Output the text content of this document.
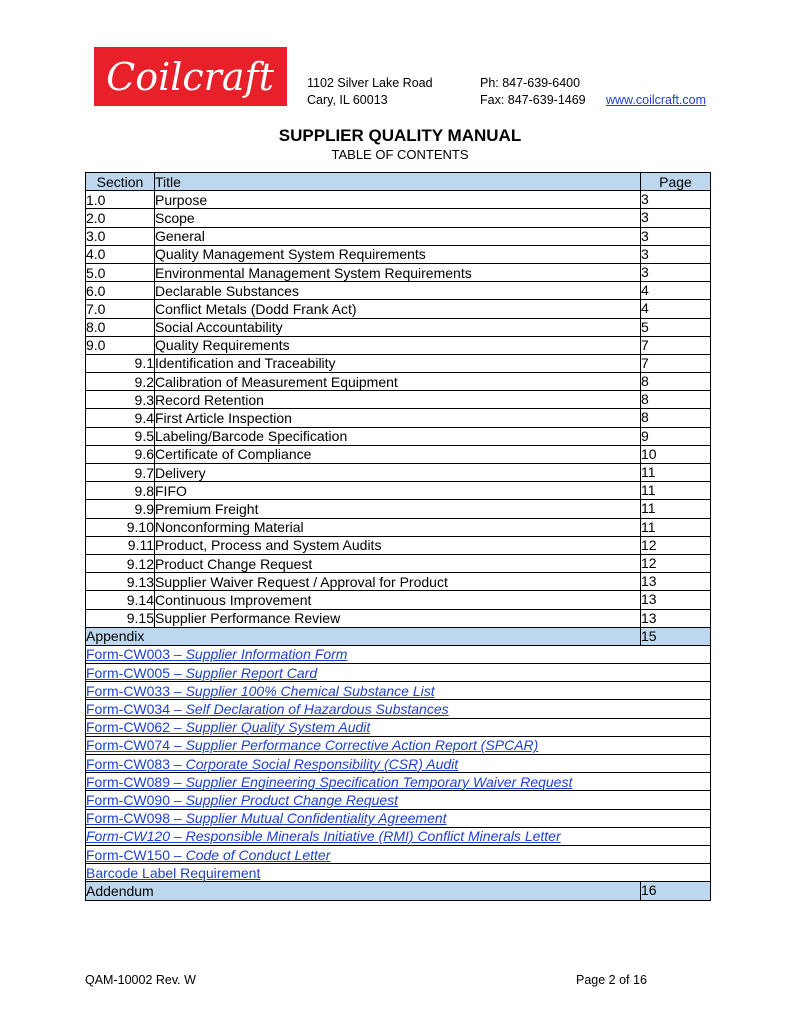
Coilcraft	1102 Silver Lake Road
Cary, IL 60013
Ph: 847-639-6400
Fax: 847-639-1469 www.coilcraft.com
SUPPLIER QUALITY MANUAL
TABLE OF CONTENTS
Section	Title	Page
1.0	Purpose	3
2.0	Scope	3
3.0	General	3
4.0	Quality Management System Requirements	3
5.0	Environmental Management System Requirements	3
6.0	Declarable Substances	4
7.0	Conflict Metals (Dodd Frank Act)	4
8.0	Social Accountability	5
9.0	Quality Requirements	7
9.1	Identification and Traceability	7
9.2	Calibration of Measurement Equipment	8
9.3	Record Retention	8
9.4	First Article Inspection	8
9.5	Labeling/Barcode Specification	9
9.6	Certificate of Compliance	10
9.7	Delivery	11
9.8	FIFO	11
9.9	Premium Freight	11
9.10	Nonconforming Material	11
9.11	Product, Process and System Audits	12
9.12	Product Change Request	12
9.13	Supplier Waiver Request / Approval for Product	13
9.14	Continuous Improvement	13
9.15	Supplier Performance Review	13
Appendix		15
Form-CW003 – Supplier Information Form		
Form-CW005 – Supplier Report Card		
Form-CW033 – Supplier 100% Chemical Substance List		
Form-CW034 – Self Declaration of Hazardous Substances		
Form-CW062 – Supplier Quality System Audit		
Form-CW074 – Supplier Performance Corrective Action Report (SPCAR)		
Form-CW083 – Corporate Social Responsibility (CSR) Audit		
Form-CW089 – Supplier Engineering Specification Temporary Waiver Request		
Form-CW090 – Supplier Product Change Request		
Form-CW098 – Supplier Mutual Confidentiality Agreement		
Form-CW120 – Responsible Minerals Initiative (RMI) Conflict Minerals Letter		
Form-CW150 – Code of Conduct Letter		
Barcode Label Requirement		
Addendum		16
QAM-10002 Rev. W	Page 2 of 16
